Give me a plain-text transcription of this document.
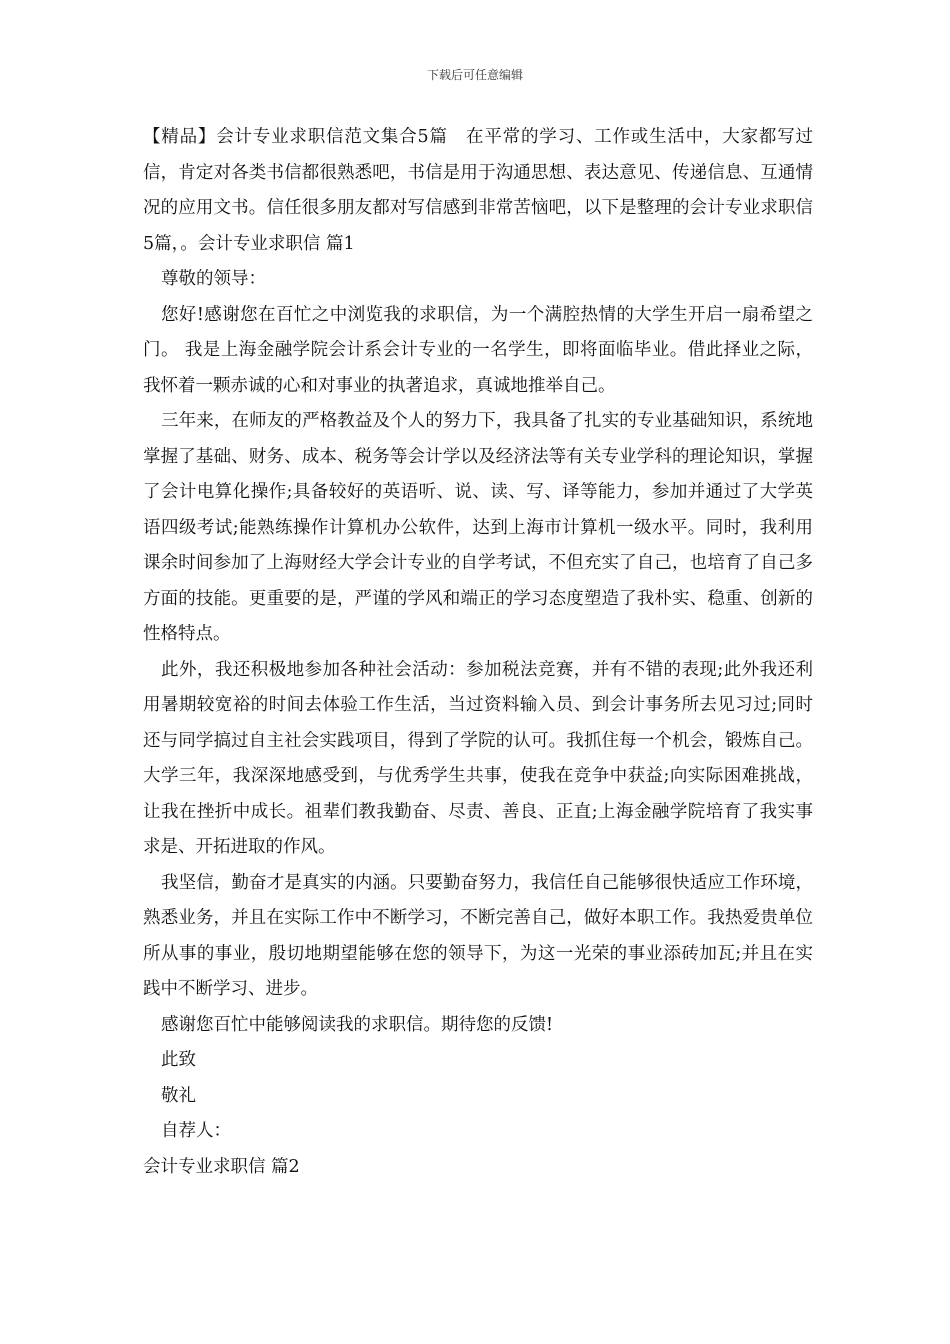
下载后可任意编辑

【精品】会计专业求职信范文集合5篇　在平常的学习、工作或生活中，大家都写过信，肯定对各类书信都很熟悉吧，书信是用于沟通思想、表达意见、传递信息、互通情况的应用文书。信任很多朋友都对写信感到非常苦恼吧，以下是整理的会计专业求职信5篇，。会计专业求职信 篇1

尊敬的领导：

您好!感谢您在百忙之中浏览我的求职信，为一个满腔热情的大学生开启一扇希望之门。 我是上海金融学院会计系会计专业的一名学生，即将面临毕业。借此择业之际，我怀着一颗赤诚的心和对事业的执著追求，真诚地推举自己。

三年来，在师友的严格教益及个人的努力下，我具备了扎实的专业基础知识，系统地掌握了基础、财务、成本、税务等会计学以及经济法等有关专业学科的理论知识，掌握了会计电算化操作;具备较好的英语听、说、读、写、译等能力，参加并通过了大学英语四级考试;能熟练操作计算机办公软件，达到上海市计算机一级水平。同时，我利用课余时间参加了上海财经大学会计专业的自学考试，不但充实了自己，也培育了自己多方面的技能。更重要的是，严谨的学风和端正的学习态度塑造了我朴实、稳重、创新的性格特点。

此外，我还积极地参加各种社会活动：参加税法竞赛，并有不错的表现;此外我还利用暑期较宽裕的时间去体验工作生活，当过资料输入员、到会计事务所去见习过;同时还与同学搞过自主社会实践项目，得到了学院的认可。我抓住每一个机会，锻炼自己。大学三年，我深深地感受到，与优秀学生共事，使我在竞争中获益;向实际困难挑战，让我在挫折中成长。祖辈们教我勤奋、尽责、善良、正直;上海金融学院培育了我实事求是、开拓进取的作风。

我坚信，勤奋才是真实的内涵。只要勤奋努力，我信任自己能够很快适应工作环境，熟悉业务，并且在实际工作中不断学习，不断完善自己，做好本职工作。我热爱贵单位所从事的事业，殷切地期望能够在您的领导下，为这一光荣的事业添砖加瓦;并且在实践中不断学习、进步。

感谢您百忙中能够阅读我的求职信。期待您的反馈!

此致

敬礼

自荐人：

会计专业求职信 篇2
